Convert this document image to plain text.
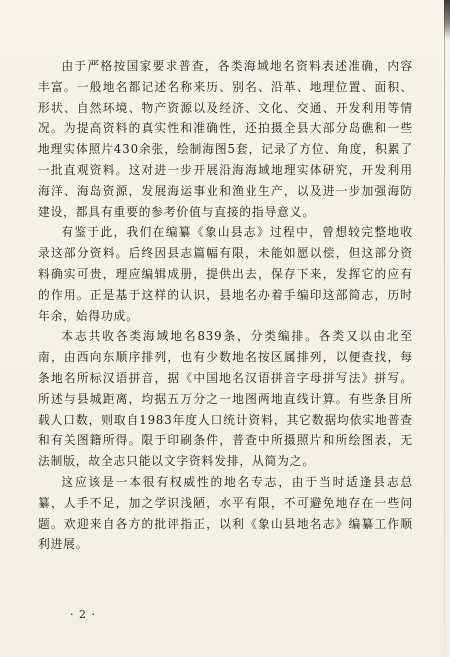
由于严格按国家要求普查，各类海域地名资料表述准确，内容丰富。一般地名都记述名称来历、别名、沿革、地理位置、面积、形状、自然环境、物产资源以及经济、文化、交通、开发利用等情况。为提高资料的真实性和准确性，还拍摄全县大部分岛礁和一些地理实体照片430余张，绘制海图5套，记录了方位、角度，积累了一批直观资料。这对进一步开展沿海海域地理实体研究，开发利用海洋、海岛资源，发展海运事业和渔业生产，以及进一步加强海防建设，都具有重要的参考价值与直接的指导意义。

有鉴于此，我们在编纂《象山县志》过程中，曾想较完整地收录这部分资料。后终因县志篇幅有限，未能如愿以偿，但这部分资料确实可贵，理应编辑成册，提供出去，保存下来，发挥它的应有的作用。正是基于这样的认识，县地名办着手编印这部简志，历时年余，始得功成。

本志共收各类海域地名839条，分类编排。各类又以由北至南，由西向东顺序排列，也有少数地名按区属排列，以便查找，每条地名所标汉语拼音，据《中国地名汉语拼音字母拼写法》拼写。所述与县城距离，均据五万分之一地图两地直线计算。有些条目所载人口数，则取自1983年度人口统计资料，其它数据均依实地普查和有关图籍所得。限于印刷条件，普查中所摄照片和所绘图表，无法制版，故全志只能以文字资料发排，从简为之。

这应该是一本很有权威性的地名专志，由于当时适逢县志总纂，人手不足，加之学识浅陋，水平有限，不可避免地存在一些问题。欢迎来自各方的批评指正，以利《象山县地名志》编纂工作顺利进展。

· 2 ·
